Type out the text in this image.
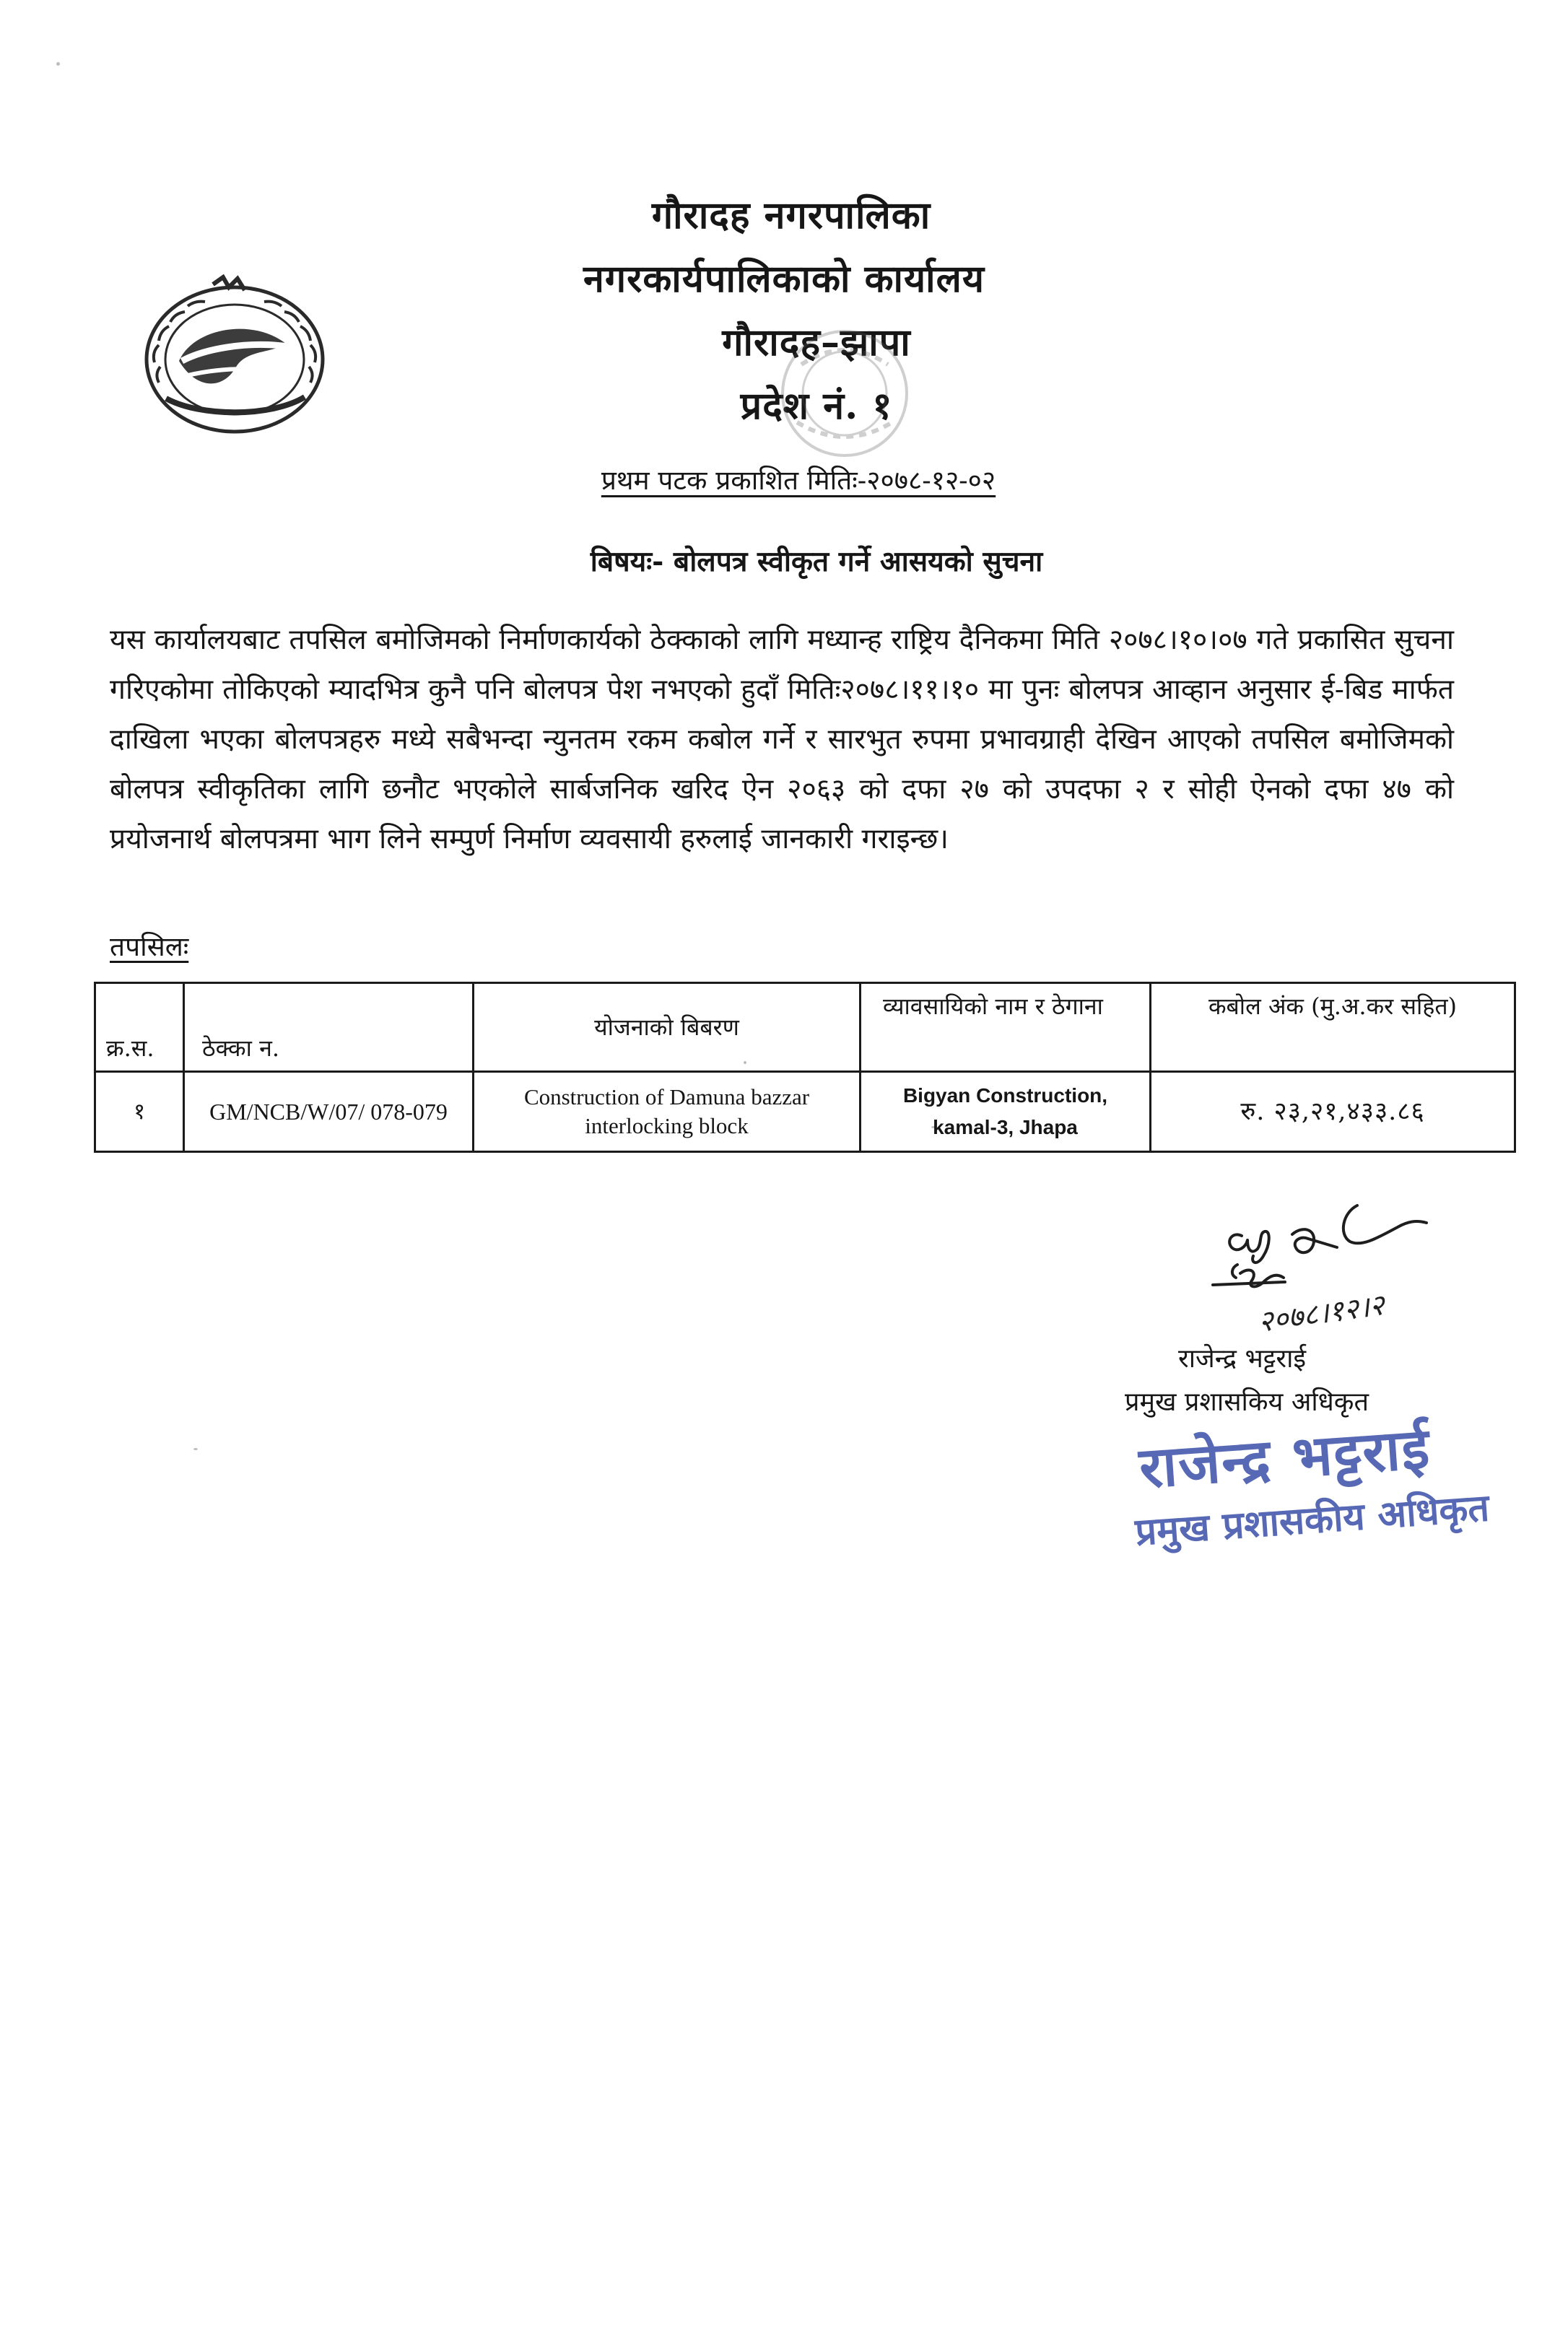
गौरादह नगरपालिका
नगरकार्यपालिकाको कार्यालय
गौरादह–झापा
प्रदेश नं. १
प्रथम पटक प्रकाशित मितिः-२०७८-१२-०२
बिषयः- बोलपत्र स्वीकृत गर्ने आसयको सुचना
यस कार्यालयबाट तपसिल बमोजिमको निर्माणकार्यको ठेक्काको लागि मध्यान्ह राष्ट्रिय दैनिकमा मिति २०७८।१०।०७ गते प्रकासित सुचना गरिएकोमा तोकिएको म्यादभित्र कुनै पनि बोलपत्र पेश नभएको हुदाँ मितिः२०७८।११।१० मा पुनः बोलपत्र आव्हान अनुसार ई-बिड मार्फत दाखिला भएका बोलपत्रहरु मध्ये सबैभन्दा न्युनतम रकम कबोल गर्ने र सारभुत रुपमा प्रभावग्राही देखिन आएको तपसिल बमोजिमको बोलपत्र स्वीकृतिका लागि छनौट भएकोले सार्बजनिक खरिद ऐन २०६३ को दफा २७ को उपदफा २ र सोही ऐनको दफा ४७ को प्रयोजनार्थ बोलपत्रमा भाग लिने सम्पुर्ण निर्माण व्यवसायी हरुलाई जानकारी गराइन्छ।
तपसिलः
क्र.स.	ठेक्का न.	योजनाको बिबरण	व्यावसायिको नाम र ठेगाना	कबोल अंक (मु.अ.कर सहित)
१	GM/NCB/W/07/ 078-079	Construction of Damuna bazzar interlocking block	Bigyan Construction, kamal-3, Jhapa	रु. २३,२१,४३३.८६
२०७८।१२।२
राजेन्द्र भट्टराई
प्रमुख प्रशासकिय अधिकृत
राजेन्द्र भट्टराई
प्रमुख प्रशासकीय अधिकृत
